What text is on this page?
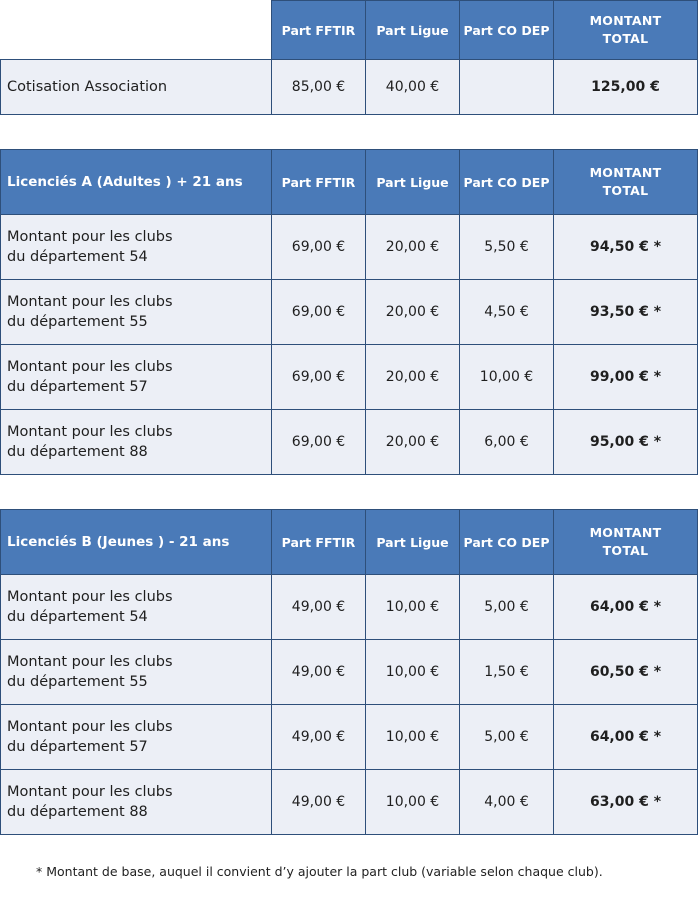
	Part FFTIR	Part Ligue	Part CO DEP	MONTANT
TOTAL

Cotisation Association	85,00 €	40,00 €		125,00 €
Licenciés A (Adultes ) + 21 ans	Part FFTIR	Part Ligue	Part CO DEP	MONTANT
TOTAL

Montant pour les clubs
du département 54	69,00 €	20,00 €	5,50 €	94,50 € *

Montant pour les clubs
du département 55	69,00 €	20,00 €	4,50 €	93,50 € *

Montant pour les clubs
du département 57	69,00 €	20,00 €	10,00 €	99,00 € *

Montant pour les clubs
du département 88	69,00 €	20,00 €	6,00 €	95,00 € *
Licenciés B (Jeunes ) - 21 ans	Part FFTIR	Part Ligue	Part CO DEP	MONTANT
TOTAL

Montant pour les clubs
du département 54	49,00 €	10,00 €	5,00 €	64,00 € *

Montant pour les clubs
du département 55	49,00 €	10,00 €	1,50 €	60,50 € *

Montant pour les clubs
du département 57	49,00 €	10,00 €	5,00 €	64,00 € *

Montant pour les clubs
du département 88	49,00 €	10,00 €	4,00 €	63,00 € *
* Montant de base, auquel il convient d’y ajouter la part club (variable selon chaque club).
